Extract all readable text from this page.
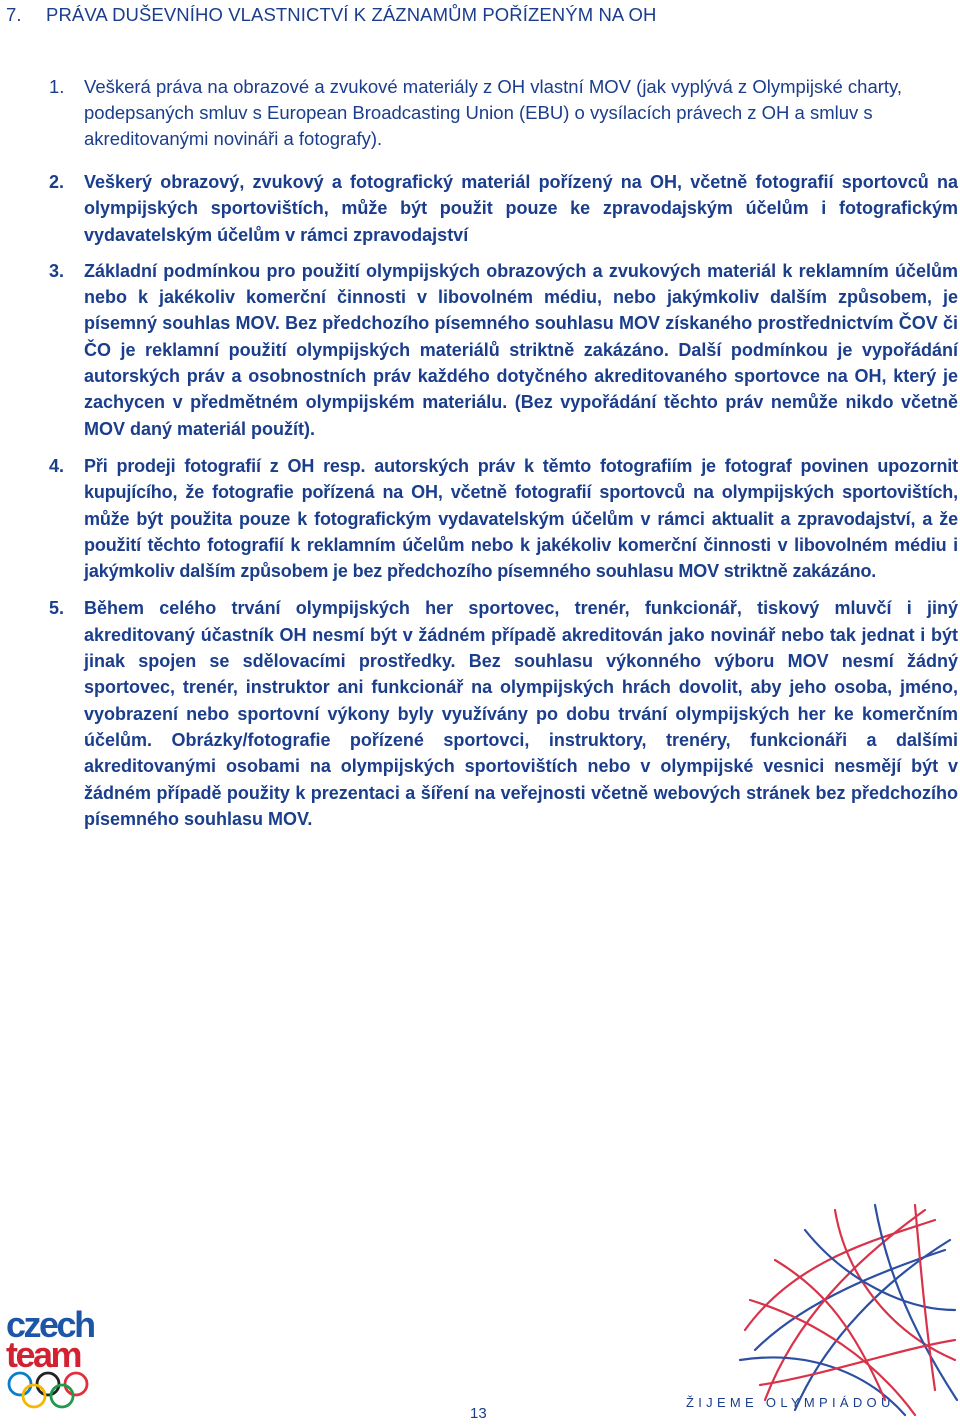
7. PRÁVA DUŠEVNÍHO VLASTNICTVÍ K ZÁZNAMŮM POŘÍZENÝM NA OH
1. Veškerá práva na obrazové a zvukové materiály z OH vlastní MOV (jak vyplývá z Olympijské charty, podepsaných smluv s European Broadcasting Union (EBU) o vysílacích právech z OH a smluv s akreditovanými novináři a fotografy).
2. Veškerý obrazový, zvukový a fotografický materiál pořízený na OH, včetně fotografií sportovců na olympijských sportovištích, může být použit pouze ke zpravodajským účelům i fotografickým vydavatelským účelům v rámci zpravodajství
3. Základní podmínkou pro použití olympijských obrazových a zvukových materiál k reklamním účelům nebo k jakékoliv komerční činnosti v libovolném médiu, nebo jakýmkoliv dalším způsobem, je písemný souhlas MOV. Bez předchozího písemného souhlasu MOV získaného prostřednictvím ČOV či ČO je reklamní použití olympijských materiálů striktně zakázáno. Další podmínkou je vypořádání autorských práv a osobnostních práv každého dotyčného akreditovaného sportovce na OH, který je zachycen v předmětném olympijském materiálu. (Bez vypořádání těchto práv nemůže nikdo včetně MOV daný materiál použít).
4. Při prodeji fotografií z OH resp. autorských práv k těmto fotografiím je fotograf povinen upozornit kupujícího, že fotografie pořízená na OH, včetně fotografií sportovců na olympijských sportovištích, může být použita pouze k fotografickým vydavatelským účelům v rámci aktualit a zpravodajství, a že použití těchto fotografií k reklamním účelům nebo k jakékoliv komerční činnosti v libovolném médiu i jakýmkoliv dalším způsobem je bez předchozího písemného souhlasu MOV striktně zakázáno.
5. Během celého trvání olympijských her sportovec, trenér, funkcionář, tiskový mluvčí i jiný akreditovaný účastník OH nesmí být v žádném případě akreditován jako novinář nebo tak jednat i být jinak spojen se sdělovacími prostředky. Bez souhlasu výkonného výboru MOV nesmí žádný sportovec, trenér, instruktor ani funkcionář na olympijských hrách dovolit, aby jeho osoba, jméno, vyobrazení nebo sportovní výkony byly využívány po dobu trvání olympijských her ke komerčním účelům. Obrázky/fotografie pořízené sportovci, instruktory, trenéry, funkcionáři a dalšími akreditovanými osobami na olympijských sportovištích nebo v olympijské vesnici nesmějí být v žádném případě použity k prezentaci a šíření na veřejnosti včetně webových stránek bez předchozího písemného souhlasu MOV.
czech
team
13
ŽIJEME OLYMPIÁDOU
